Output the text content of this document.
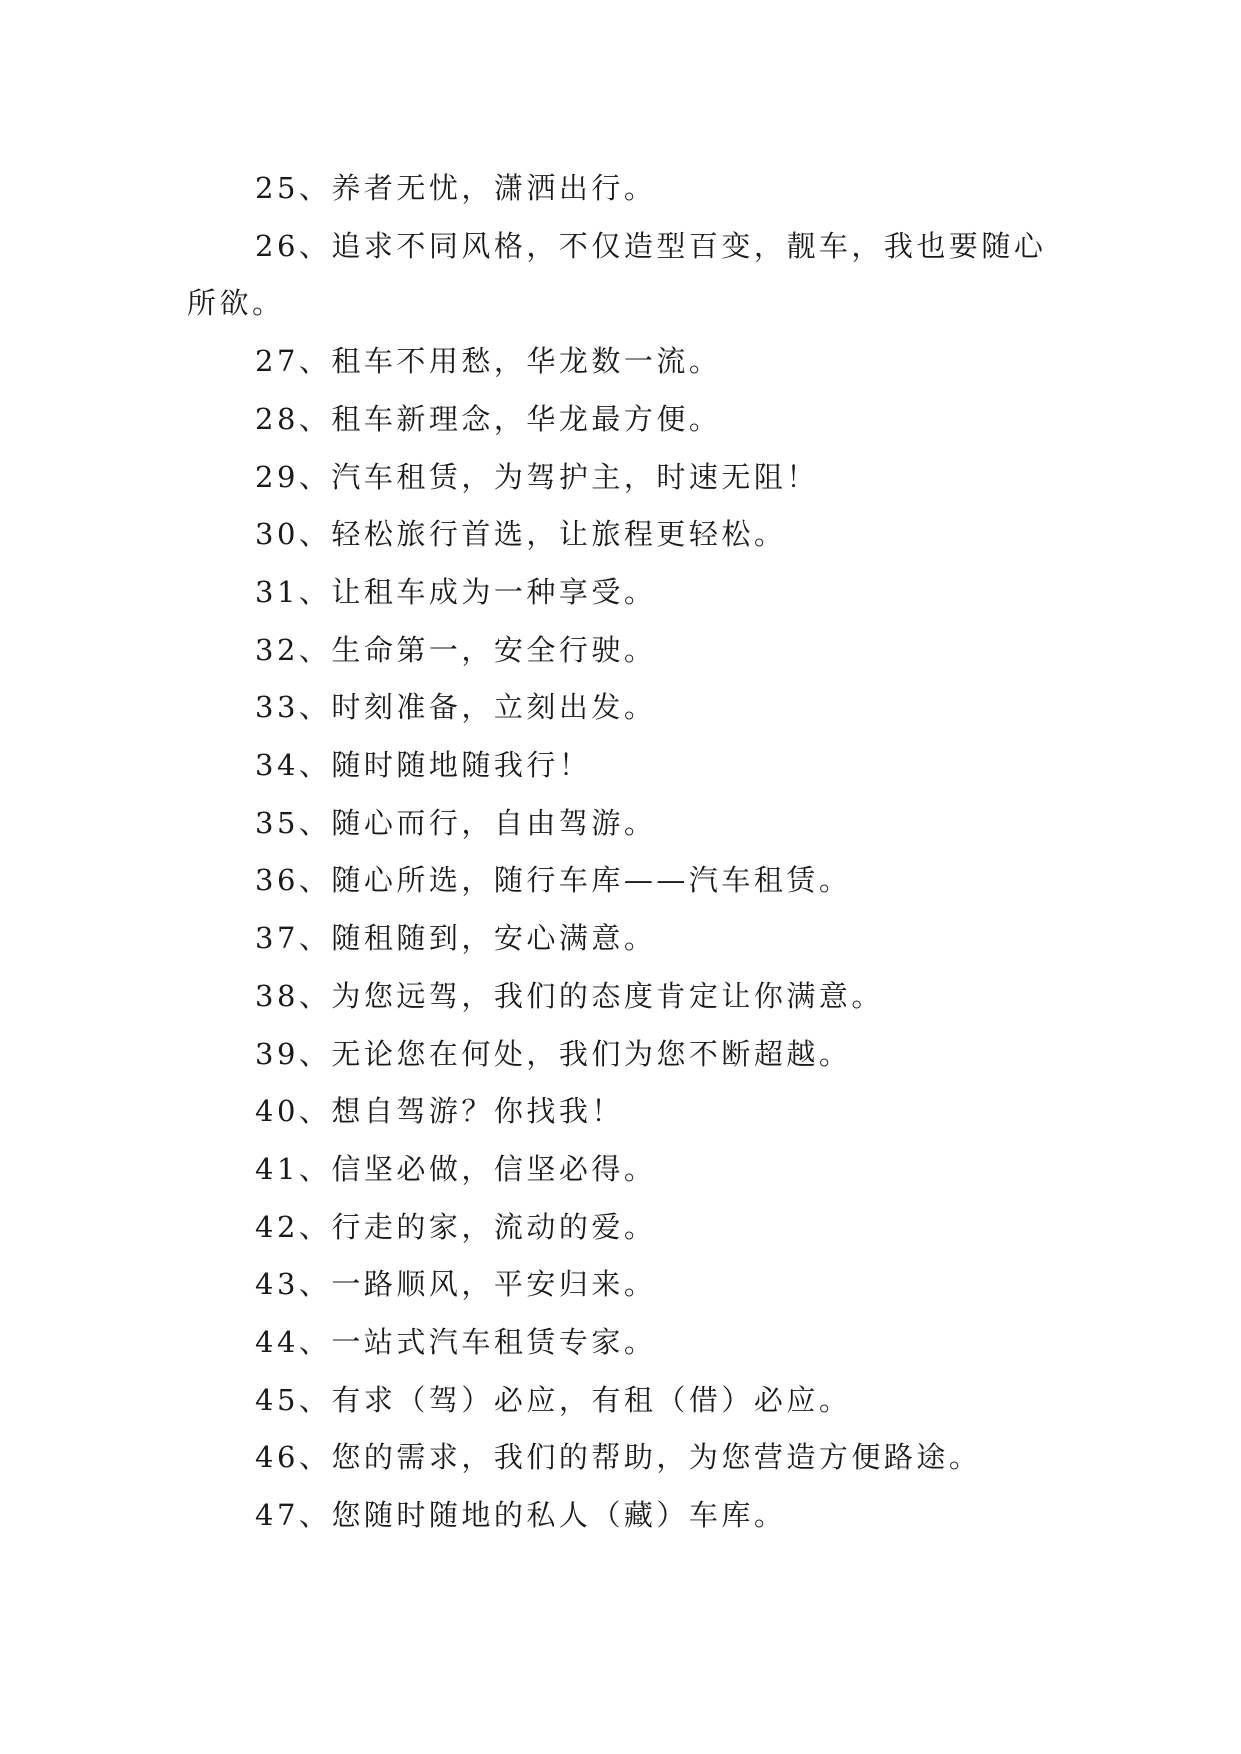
25、养者无忧，潇洒出行。

26、追求不同风格，不仅造型百变，靓车，我也要随心所欲。

27、租车不用愁，华龙数一流。

28、租车新理念，华龙最方便。

29、汽车租赁，为驾护主，时速无阻！

30、轻松旅行首选，让旅程更轻松。

31、让租车成为一种享受。

32、生命第一，安全行驶。

33、时刻准备，立刻出发。

34、随时随地随我行！

35、随心而行，自由驾游。

36、随心所选，随行车库——汽车租赁。

37、随租随到，安心满意。

38、为您远驾，我们的态度肯定让你满意。

39、无论您在何处，我们为您不断超越。

40、想自驾游？你找我！

41、信坚必做，信坚必得。

42、行走的家，流动的爱。

43、一路顺风，平安归来。

44、一站式汽车租赁专家。

45、有求（驾）必应，有租（借）必应。

46、您的需求，我们的帮助，为您营造方便路途。

47、您随时随地的私人（藏）车库。
